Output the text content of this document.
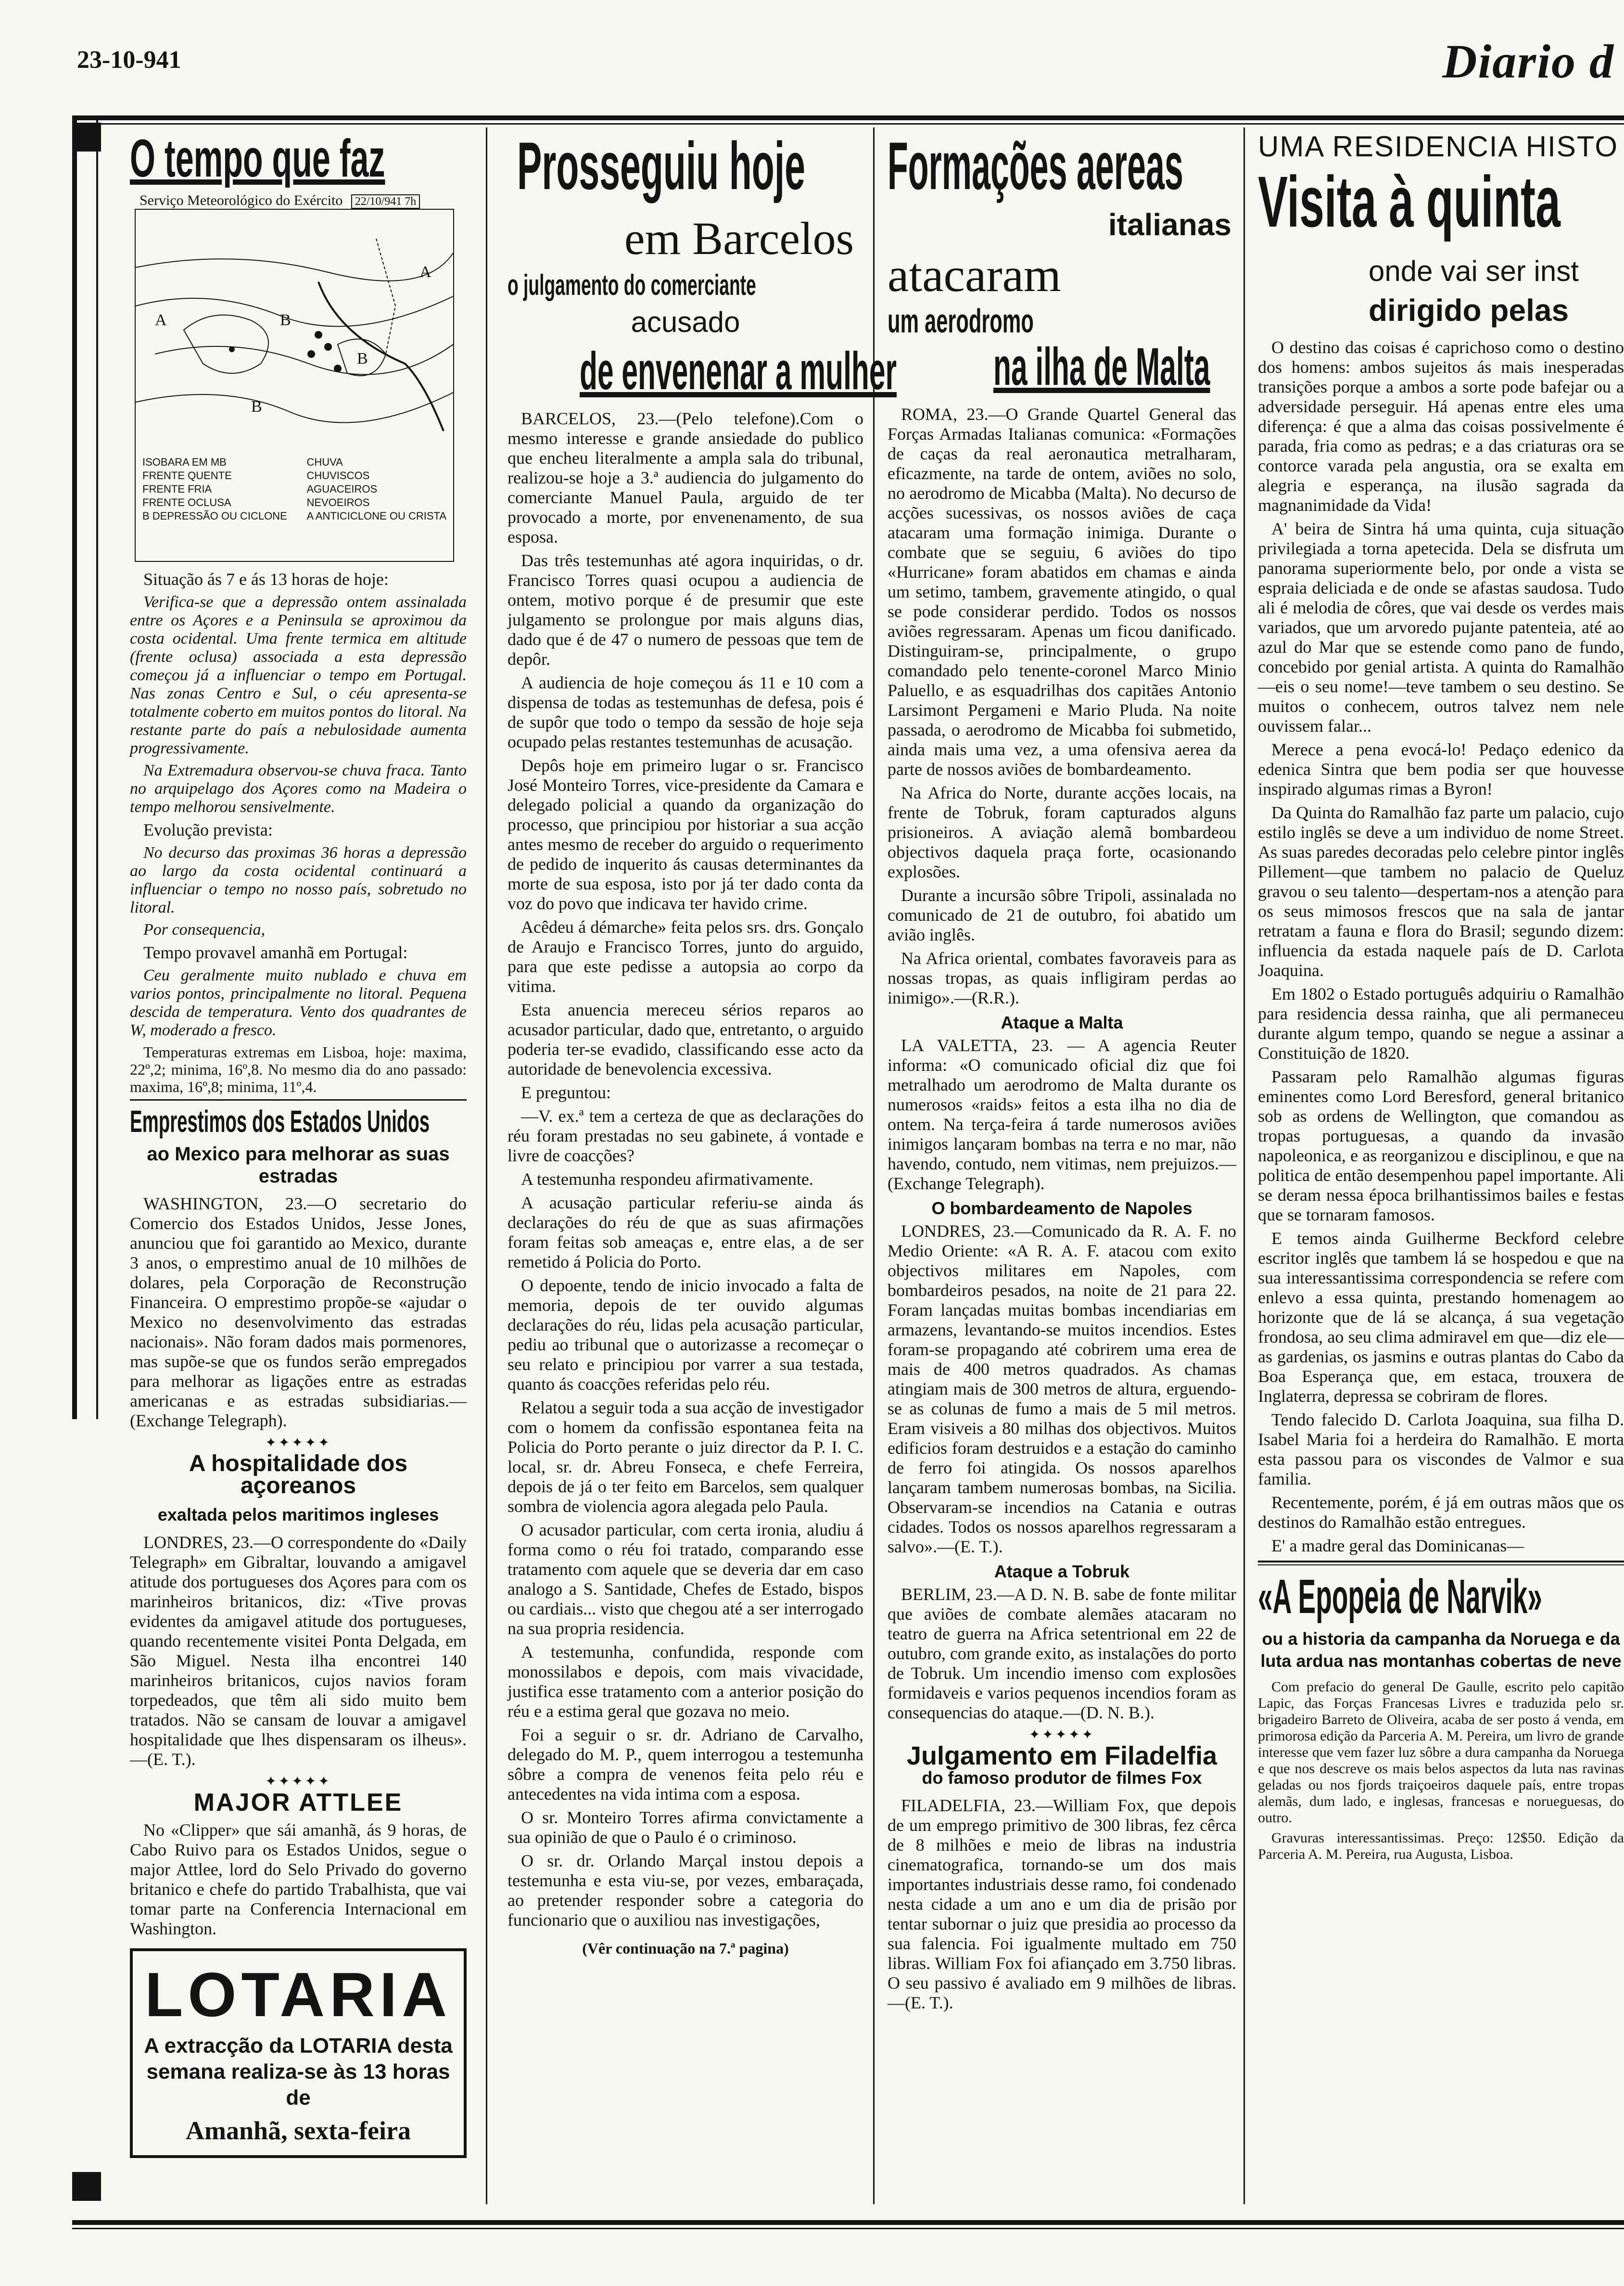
23-10-941	Diario d
O tempo que faz
Serviço Meteorológico do Exército 22/10/941 7h
B
A
B
A
B
ISOBARA EM MB
FRENTE QUENTE
FRENTE FRIA
FRENTE OCLUSA
B DEPRESSÃO OU CICLONE
CHUVA
CHUVISCOS
AGUACEIROS
NEVOEIROS
A ANTICICLONE OU CRISTA

Situação ás 7 e ás 13 horas de hoje:

Verifica-se que a depressão ontem assinalada entre os Açores e a Peninsula se aproximou da costa ocidental. Uma frente termica em altitude (frente oclusa) associada a esta depressão começou já a influenciar o tempo em Portugal. Nas zonas Centro e Sul, o céu apresenta-se totalmente coberto em muitos pontos do litoral. Na restante parte do país a nebulosidade aumenta progressivamente.

Na Extremadura observou-se chuva fraca. Tanto no arquipelago dos Açores como na Madeira o tempo melhorou sensivelmente.

Evolução prevista:

No decurso das proximas 36 horas a depressão ao largo da costa ocidental continuará a influenciar o tempo no nosso país, sobretudo no litoral.

Por consequencia,

Tempo provavel amanhã em Portugal:

Ceu geralmente muito nublado e chuva em varios pontos, principalmente no litoral. Pequena descida de temperatura. Vento dos quadrantes de W, moderado a fresco.

Temperaturas extremas em Lisboa, hoje: maxima, 22º,2; minima, 16º,8. No mesmo dia do ano passado: maxima, 16º,8; minima, 11º,4.

Emprestimos dos Estados Unidos
ao Mexico para melhorar as suas estradas

WASHINGTON, 23.—O secretario do Comercio dos Estados Unidos, Jesse Jones, anunciou que foi garantido ao Mexico, durante 3 anos, o emprestimo anual de 10 milhões de dolares, pela Corporação de Reconstrução Financeira. O emprestimo propõe-se «ajudar o Mexico no desenvolvimento das estradas nacionais». Não foram dados mais pormenores, mas supõe-se que os fundos serão empregados para melhorar as ligações entre as estradas americanas e as estradas subsidiarias.—(Exchange Telegraph).

✦✦✦✦✦
A hospitalidade dos açoreanos
exaltada pelos maritimos ingleses

LONDRES, 23.—O correspondente do «Daily Telegraph» em Gibraltar, louvando a amigavel atitude dos portugueses dos Açores para com os marinheiros britanicos, diz: «Tive provas evidentes da amigavel atitude dos portugueses, quando recentemente visitei Ponta Delgada, em São Miguel. Nesta ilha encontrei 140 marinheiros britanicos, cujos navios foram torpedeados, que têm ali sido muito bem tratados. Não se cansam de louvar a amigavel hospitalidade que lhes dispensaram os ilheus».—(E. T.).

✦✦✦✦✦
MAJOR ATTLEE

No «Clipper» que sái amanhã, ás 9 horas, de Cabo Ruivo para os Estados Unidos, segue o major Attlee, lord do Selo Privado do governo britanico e chefe do partido Trabalhista, que vai tomar parte na Conferencia Internacional em Washington.

LOTARIA
A extracção da LOTARIA desta semana realiza-se às 13 horas de
Amanhã, sexta-feira
Prosseguiu hoje
em Barcelos
o julgamento do comerciante
acusado
de envenenar a mulher

BARCELOS, 23.—(Pelo telefone).Com o mesmo interesse e grande ansiedade do publico que encheu literalmente a ampla sala do tribunal, realizou-se hoje a 3.ª audiencia do julgamento do comerciante Manuel Paula, arguido de ter provocado a morte, por envenenamento, de sua esposa.

Das três testemunhas até agora inquiridas, o dr. Francisco Torres quasi ocupou a audiencia de ontem, motivo porque é de presumir que este julgamento se prolongue por mais alguns dias, dado que é de 47 o numero de pessoas que tem de depôr.

A audiencia de hoje começou ás 11 e 10 com a dispensa de todas as testemunhas de defesa, pois é de supôr que todo o tempo da sessão de hoje seja ocupado pelas restantes testemunhas de acusação.

Depôs hoje em primeiro lugar o sr. Francisco José Monteiro Torres, vice-presidente da Camara e delegado policial a quando da organização do processo, que principiou por historiar a sua acção antes mesmo de receber do arguido o requerimento de pedido de inquerito ás causas determinantes da morte de sua esposa, isto por já ter dado conta da voz do povo que indicava ter havido crime.

Acêdeu á démarche» feita pelos srs. drs. Gonçalo de Araujo e Francisco Torres, junto do arguido, para que este pedisse a autopsia ao corpo da vitima.

Esta anuencia mereceu sérios reparos ao acusador particular, dado que, entretanto, o arguido poderia ter-se evadido, classificando esse acto da autoridade de benevolencia excessiva.

E preguntou:

—V. ex.ª tem a certeza de que as declarações do réu foram prestadas no seu gabinete, á vontade e livre de coacções?

A testemunha respondeu afirmativamente.

A acusação particular referiu-se ainda ás declarações do réu de que as suas afirmações foram feitas sob ameaças e, entre elas, a de ser remetido á Policia do Porto.

O depoente, tendo de inicio invocado a falta de memoria, depois de ter ouvido algumas declarações do réu, lidas pela acusação particular, pediu ao tribunal que o autorizasse a recomeçar o seu relato e principiou por varrer a sua testada, quanto ás coacções referidas pelo réu.

Relatou a seguir toda a sua acção de investigador com o homem da confissão espontanea feita na Policia do Porto perante o juiz director da P. I. C. local, sr. dr. Abreu Fonseca, e chefe Ferreira, depois de já o ter feito em Barcelos, sem qualquer sombra de violencia agora alegada pelo Paula.

O acusador particular, com certa ironia, aludiu á forma como o réu foi tratado, comparando esse tratamento com aquele que se deveria dar em caso analogo a S. Santidade, Chefes de Estado, bispos ou cardiais... visto que chegou até a ser interrogado na sua propria residencia.

A testemunha, confundida, responde com monossilabos e depois, com mais vivacidade, justifica esse tratamento com a anterior posição do réu e a estima geral que gozava no meio.

Foi a seguir o sr. dr. Adriano de Carvalho, delegado do M. P., quem interrogou a testemunha sôbre a compra de venenos feita pelo réu e antecedentes na vida intima com a esposa.

O sr. Monteiro Torres afirma convictamente a sua opinião de que o Paulo é o criminoso.

O sr. dr. Orlando Marçal instou depois a testemunha e esta viu-se, por vezes, embaraçada, ao pretender responder sobre a categoria do funcionario que o auxiliou nas investigações,

(Vêr continuação na 7.ª pagina)
Formações aereas
italianas
atacaram
um aerodromo
na ilha de Malta

ROMA, 23.—O Grande Quartel General das Forças Armadas Italianas comunica: «Formações de caças da real aeronautica metralharam, eficazmente, na tarde de ontem, aviões no solo, no aerodromo de Micabba (Malta). No decurso de acções sucessivas, os nossos aviões de caça atacaram uma formação inimiga. Durante o combate que se seguiu, 6 aviões do tipo «Hurricane» foram abatidos em chamas e ainda um setimo, tambem, gravemente atingido, o qual se pode considerar perdido. Todos os nossos aviões regressaram. Apenas um ficou danificado. Distinguiram-se, principalmente, o grupo comandado pelo tenente-coronel Marco Minio Paluello, e as esquadrilhas dos capitães Antonio Larsimont Pergameni e Mario Pluda. Na noite passada, o aerodromo de Micabba foi submetido, ainda mais uma vez, a uma ofensiva aerea da parte de nossos aviões de bombardeamento.

Na Africa do Norte, durante acções locais, na frente de Tobruk, foram capturados alguns prisioneiros. A aviação alemã bombardeou objectivos daquela praça forte, ocasionando explosões.

Durante a incursão sôbre Tripoli, assinalada no comunicado de 21 de outubro, foi abatido um avião inglês.

Na Africa oriental, combates favoraveis para as nossas tropas, as quais infligiram perdas ao inimigo».—(R.R.).

Ataque a Malta

LA VALETTA, 23. — A agencia Reuter informa: «O comunicado oficial diz que foi metralhado um aerodromo de Malta durante os numerosos «raids» feitos a esta ilha no dia de ontem. Na terça-feira á tarde numerosos aviões inimigos lançaram bombas na terra e no mar, não havendo, contudo, nem vitimas, nem prejuizos.—(Exchange Telegraph).

O bombardeamento de Napoles

LONDRES, 23.—Comunicado da R. A. F. no Medio Oriente: «A R. A. F. atacou com exito objectivos militares em Napoles, com bombardeiros pesados, na noite de 21 para 22. Foram lançadas muitas bombas incendiarias em armazens, levantando-se muitos incendios. Estes foram-se propagando até cobrirem uma erea de mais de 400 metros quadrados. As chamas atingiam mais de 300 metros de altura, erguendo-se as colunas de fumo a mais de 5 mil metros. Eram visiveis a 80 milhas dos objectivos. Muitos edificios foram destruidos e a estação do caminho de ferro foi atingida. Os nossos aparelhos lançaram tambem numerosas bombas, na Sicilia. Observaram-se incendios na Catania e outras cidades. Todos os nossos aparelhos regressaram a salvo».—(E. T.).

Ataque a Tobruk

BERLIM, 23.—A D. N. B. sabe de fonte militar que aviões de combate alemães atacaram no teatro de guerra na Africa setentrional em 22 de outubro, com grande exito, as instalações do porto de Tobruk. Um incendio imenso com explosões formidaveis e varios pequenos incendios foram as consequencias do ataque.—(D. N. B.).

✦✦✦✦✦
Julgamento em Filadelfia
do famoso produtor de filmes Fox

FILADELFIA, 23.—William Fox, que depois de um emprego primitivo de 300 libras, fez cêrca de 8 milhões e meio de libras na industria cinematografica, tornando-se um dos mais importantes industriais desse ramo, foi condenado nesta cidade a um ano e um dia de prisão por tentar subornar o juiz que presidia ao processo da sua falencia. Foi igualmente multado em 750 libras. William Fox foi afiançado em 3.750 libras. O seu passivo é avaliado em 9 milhões de libras.—(E. T.).

UMA RESIDENCIA HISTO
Visita à quinta
onde vai ser inst
dirigido pelas

O destino das coisas é caprichoso como o destino dos homens: ambos sujeitos ás mais inesperadas transições porque a ambos a sorte pode bafejar ou a adversidade perseguir. Há apenas entre eles uma diferença: é que a alma das coisas possivelmente é parada, fria como as pedras; e a das criaturas ora se contorce varada pela angustia, ora se exalta em alegria e esperança, na ilusão sagrada da magnanimidade da Vida!

A' beira de Sintra há uma quinta, cuja situação privilegiada a torna apetecida. Dela se disfruta um panorama superiormente belo, por onde a vista se espraia deliciada e de onde se afastas saudosa. Tudo ali é melodia de côres, que vai desde os verdes mais variados, que um arvoredo pujante patenteia, até ao azul do Mar que se estende como pano de fundo, concebido por genial artista. A quinta do Ramalhão—eis o seu nome!—teve tambem o seu destino. Se muitos o conhecem, outros talvez nem nele ouvissem falar...

Merece a pena evocá-lo! Pedaço edenico da edenica Sintra que bem podia ser que houvesse inspirado algumas rimas a Byron!

Da Quinta do Ramalhão faz parte um palacio, cujo estilo inglês se deve a um individuo de nome Street. As suas paredes decoradas pelo celebre pintor inglês Pillement—que tambem no palacio de Queluz gravou o seu talento—despertam-nos a atenção para os seus mimosos frescos que na sala de jantar retratam a fauna e flora do Brasil; segundo dizem: influencia da estada naquele país de D. Carlota Joaquina.

Em 1802 o Estado português adquiriu o Ramalhão para residencia dessa rainha, que ali permaneceu durante algum tempo, quando se negue a assinar a Constituição de 1820.

Passaram pelo Ramalhão algumas figuras eminentes como Lord Beresford, general britanico sob as ordens de Wellington, que comandou as tropas portuguesas, a quando da invasão napoleonica, e as reorganizou e disciplinou, e que na politica de então desempenhou papel importante. Ali se deram nessa época brilhantissimos bailes e festas que se tornaram famosos.

E temos ainda Guilherme Beckford celebre escritor inglês que tambem lá se hospedou e que na sua interessantissima correspondencia se refere com enlevo a essa quinta, prestando homenagem ao horizonte que de lá se alcança, á sua vegetação frondosa, ao seu clima admiravel em que—diz ele—as gardenias, os jasmins e outras plantas do Cabo da Boa Esperança que, em estaca, trouxera de Inglaterra, depressa se cobriram de flores.

Tendo falecido D. Carlota Joaquina, sua filha D. Isabel Maria foi a herdeira do Ramalhão. E morta esta passou para os viscondes de Valmor e sua familia.

Recentemente, porém, é já em outras mãos que os destinos do Ramalhão estão entregues.

E' a madre geral das Dominicanas—

«A Epopeia de Narvik»
ou a historia da campanha da Noruega e da luta ardua nas montanhas cobertas de neve

Com prefacio do general De Gaulle, escrito pelo capitão Lapic, das Forças Francesas Livres e traduzida pelo sr. brigadeiro Barreto de Oliveira, acaba de ser posto á venda, em primorosa edição da Parceria A. M. Pereira, um livro de grande interesse que vem fazer luz sôbre a dura campanha da Noruega e que nos descreve os mais belos aspectos da luta nas ravinas geladas ou nos fjords traiçoeiros daquele país, entre tropas alemãs, dum lado, e inglesas, francesas e norueguesas, do outro.

Gravuras interessantissimas. Preço: 12$50. Edição da Parceria A. M. Pereira, rua Augusta, Lisboa.
